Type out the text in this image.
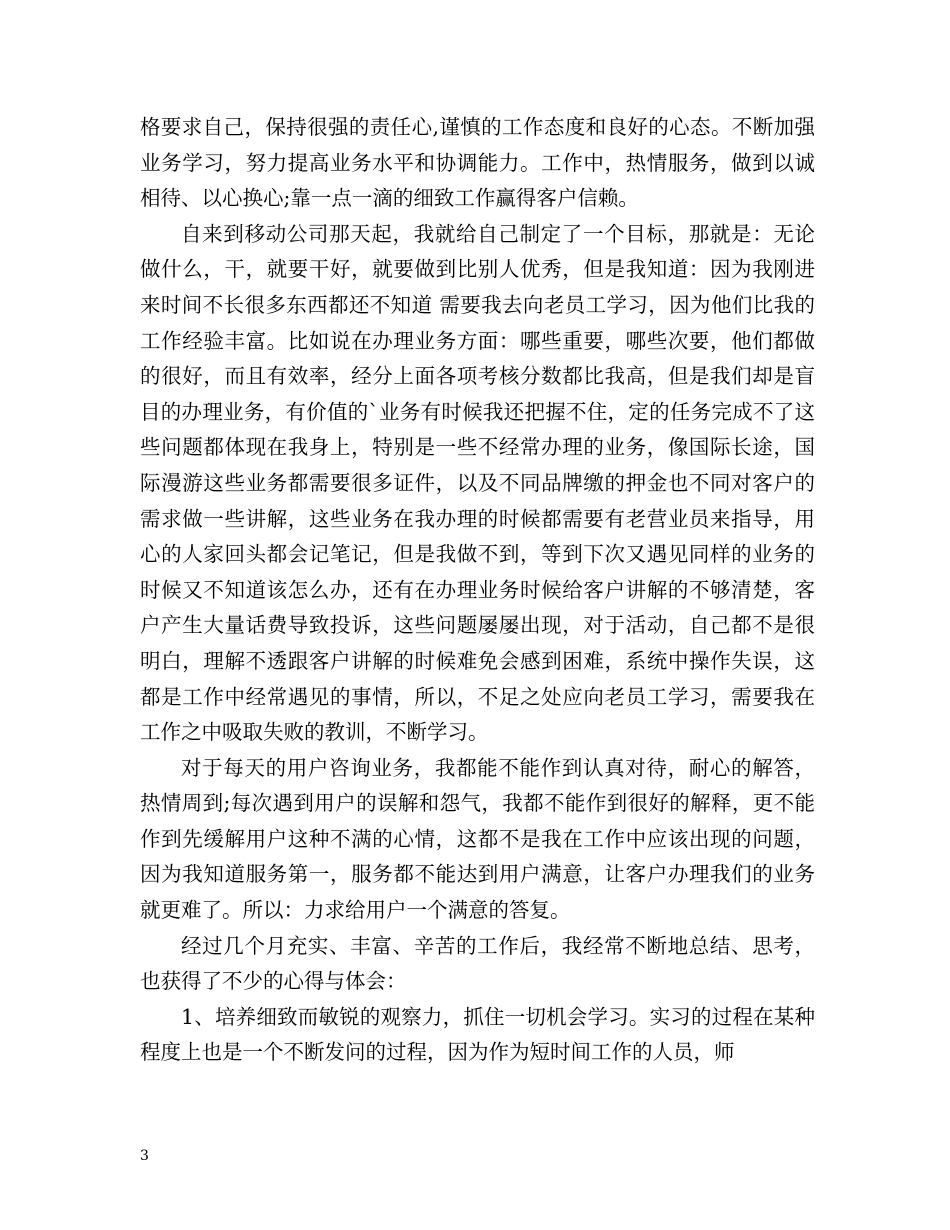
格要求自己，保持很强的责任心,谨慎的工作态度和良好的心态。不断加强业务学习，努力提高业务水平和协调能力。工作中，热情服务，做到以诚相待、以心换心;靠一点一滴的细致工作赢得客户信赖。

自来到移动公司那天起，我就给自己制定了一个目标，那就是：无论做什么，干，就要干好，就要做到比别人优秀，但是我知道：因为我刚进来时间不长很多东西都还不知道 需要我去向老员工学习，因为他们比我的工作经验丰富。比如说在办理业务方面：哪些重要，哪些次要，他们都做的很好，而且有效率，经分上面各项考核分数都比我高，但是我们却是盲目的办理业务，有价值的`业务有时候我还把握不住，定的任务完成不了这些问题都体现在我身上，特别是一些不经常办理的业务，像国际长途，国际漫游这些业务都需要很多证件，以及不同品牌缴的押金也不同对客户的需求做一些讲解，这些业务在我办理的时候都需要有老营业员来指导，用心的人家回头都会记笔记，但是我做不到，等到下次又遇见同样的业务的时候又不知道该怎么办，还有在办理业务时候给客户讲解的不够清楚，客户产生大量话费导致投诉，这些问题屡屡出现，对于活动，自己都不是很明白，理解不透跟客户讲解的时候难免会感到困难，系统中操作失误，这都是工作中经常遇见的事情，所以，不足之处应向老员工学习，需要我在工作之中吸取失败的教训，不断学习。

对于每天的用户咨询业务，我都能不能作到认真对待，耐心的解答，热情周到;每次遇到用户的误解和怨气，我都不能作到很好的解释，更不能作到先缓解用户这种不满的心情，这都不是我在工作中应该出现的问题，因为我知道服务第一，服务都不能达到用户满意，让客户办理我们的业务就更难了。所以：力求给用户一个满意的答复。

经过几个月充实、丰富、辛苦的工作后，我经常不断地总结、思考，也获得了不少的心得与体会：

1、培养细致而敏锐的观察力，抓住一切机会学习。实习的过程在某种程度上也是一个不断发问的过程，因为作为短时间工作的人员，师

3
